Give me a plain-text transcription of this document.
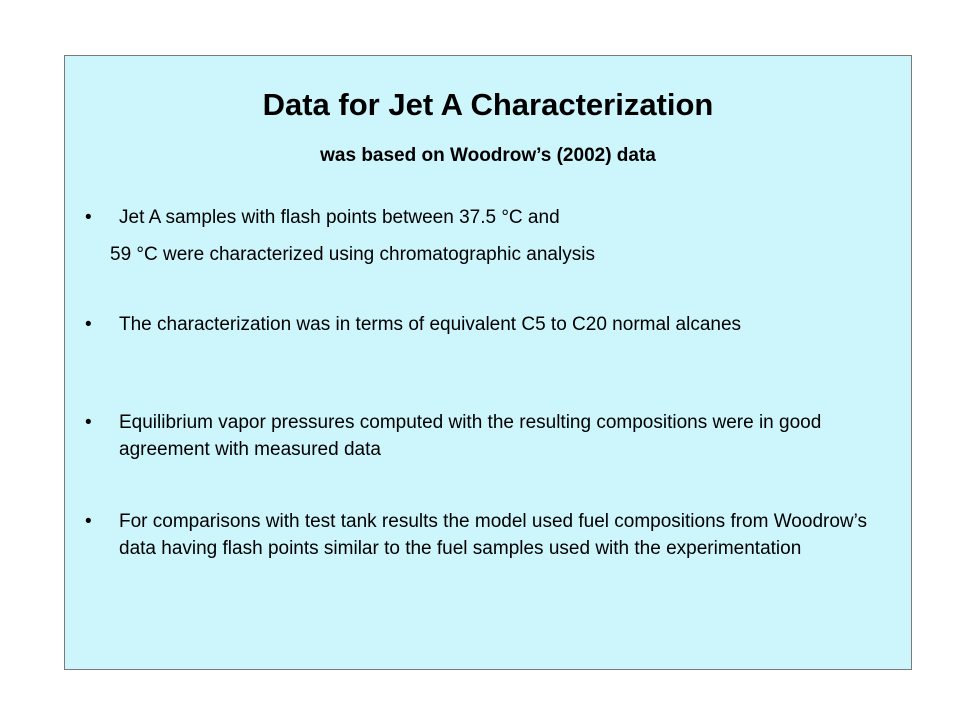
Data for Jet A Characterization
was based on Woodrow’s (2002) data
• Jet A samples with flash points between 37.5 °C and
59 °C were characterized using chromatographic analysis
• The characterization was in terms of equivalent C5 to C20 normal alcanes
• Equilibrium vapor pressures computed with the resulting compositions were in good agreement with measured data
• For comparisons with test tank results the model used fuel compositions from Woodrow’s data having flash points similar to the fuel samples used with the experimentation
